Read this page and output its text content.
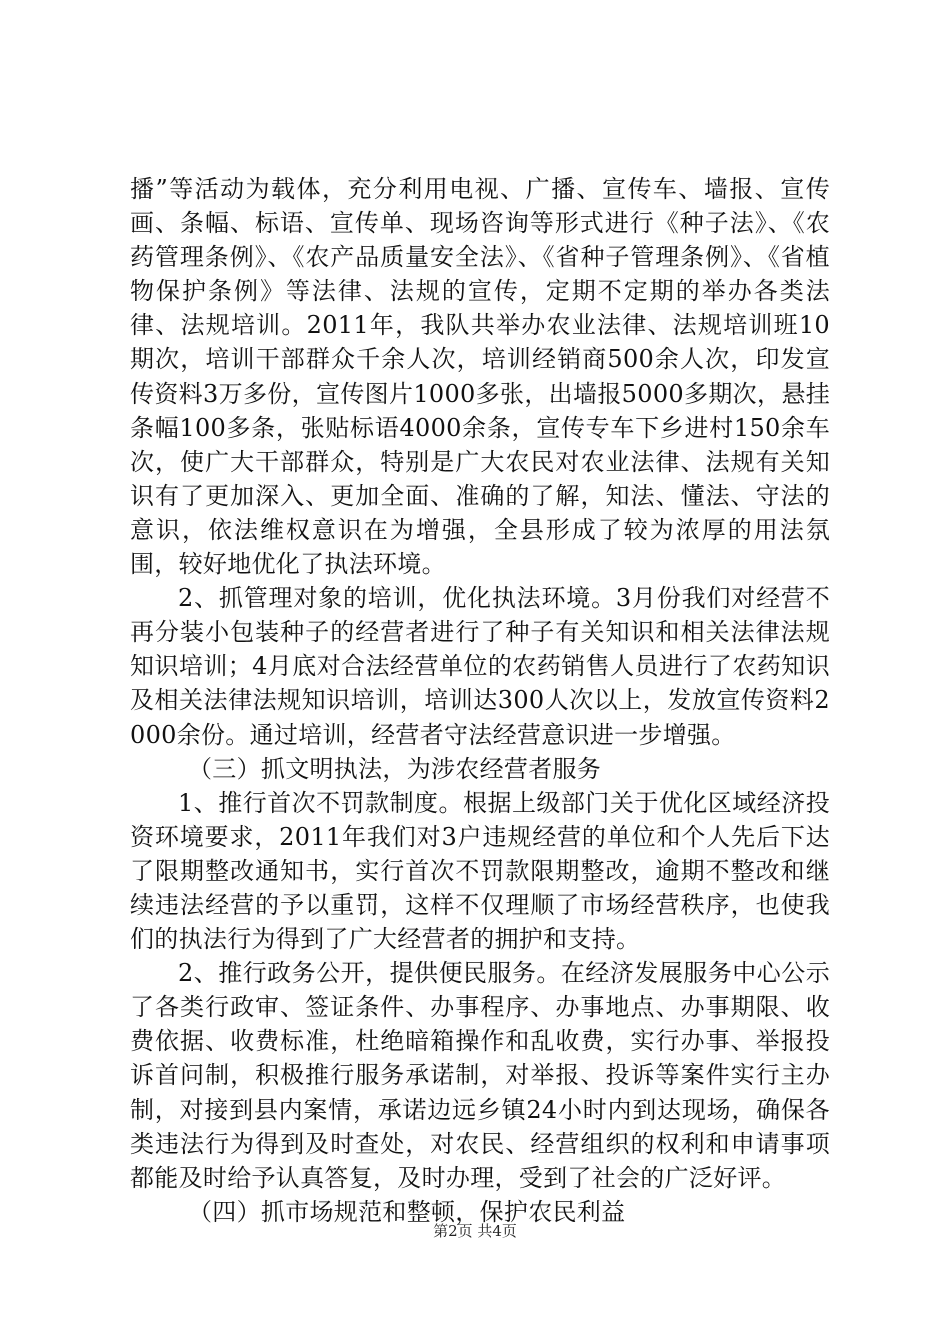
播”等活动为载体，充分利用电视、广播、宣传车、墙报、宣传画、条幅、标语、宣传单、现场咨询等形式进行《种子法》、《农药管理条例》、《农产品质量安全法》、《省种子管理条例》、《省植物保护条例》等法律、法规的宣传，定期不定期的举办各类法律、法规培训。2011年，我队共举办农业法律、法规培训班10期次，培训干部群众千余人次，培训经销商500余人次，印发宣传资料3万多份，宣传图片1000多张，出墙报5000多期次，悬挂条幅100多条，张贴标语4000余条，宣传专车下乡进村150余车次，使广大干部群众，特别是广大农民对农业法律、法规有关知识有了更加深入、更加全面、准确的了解，知法、懂法、守法的意识，依法维权意识在为增强，全县形成了较为浓厚的用法氛围，较好地优化了执法环境。

2、抓管理对象的培训，优化执法环境。3月份我们对经营不再分装小包装种子的经营者进行了种子有关知识和相关法律法规知识培训；4月底对合法经营单位的农药销售人员进行了农药知识及相关法律法规知识培训，培训达300人次以上，发放宣传资料2000余份。通过培训，经营者守法经营意识进一步增强。

（三）抓文明执法，为涉农经营者服务

1、推行首次不罚款制度。根据上级部门关于优化区域经济投资环境要求，2011年我们对3户违规经营的单位和个人先后下达了限期整改通知书，实行首次不罚款限期整改，逾期不整改和继续违法经营的予以重罚，这样不仅理顺了市场经营秩序，也使我们的执法行为得到了广大经营者的拥护和支持。

2、推行政务公开，提供便民服务。在经济发展服务中心公示了各类行政审、签证条件、办事程序、办事地点、办事期限、收费依据、收费标准，杜绝暗箱操作和乱收费，实行办事、举报投诉首问制，积极推行服务承诺制，对举报、投诉等案件实行主办制，对接到县内案情，承诺边远乡镇24小时内到达现场，确保各类违法行为得到及时查处，对农民、经营组织的权利和申请事项都能及时给予认真答复，及时办理，受到了社会的广泛好评。

（四）抓市场规范和整顿，保护农民利益

第2页 共4页
